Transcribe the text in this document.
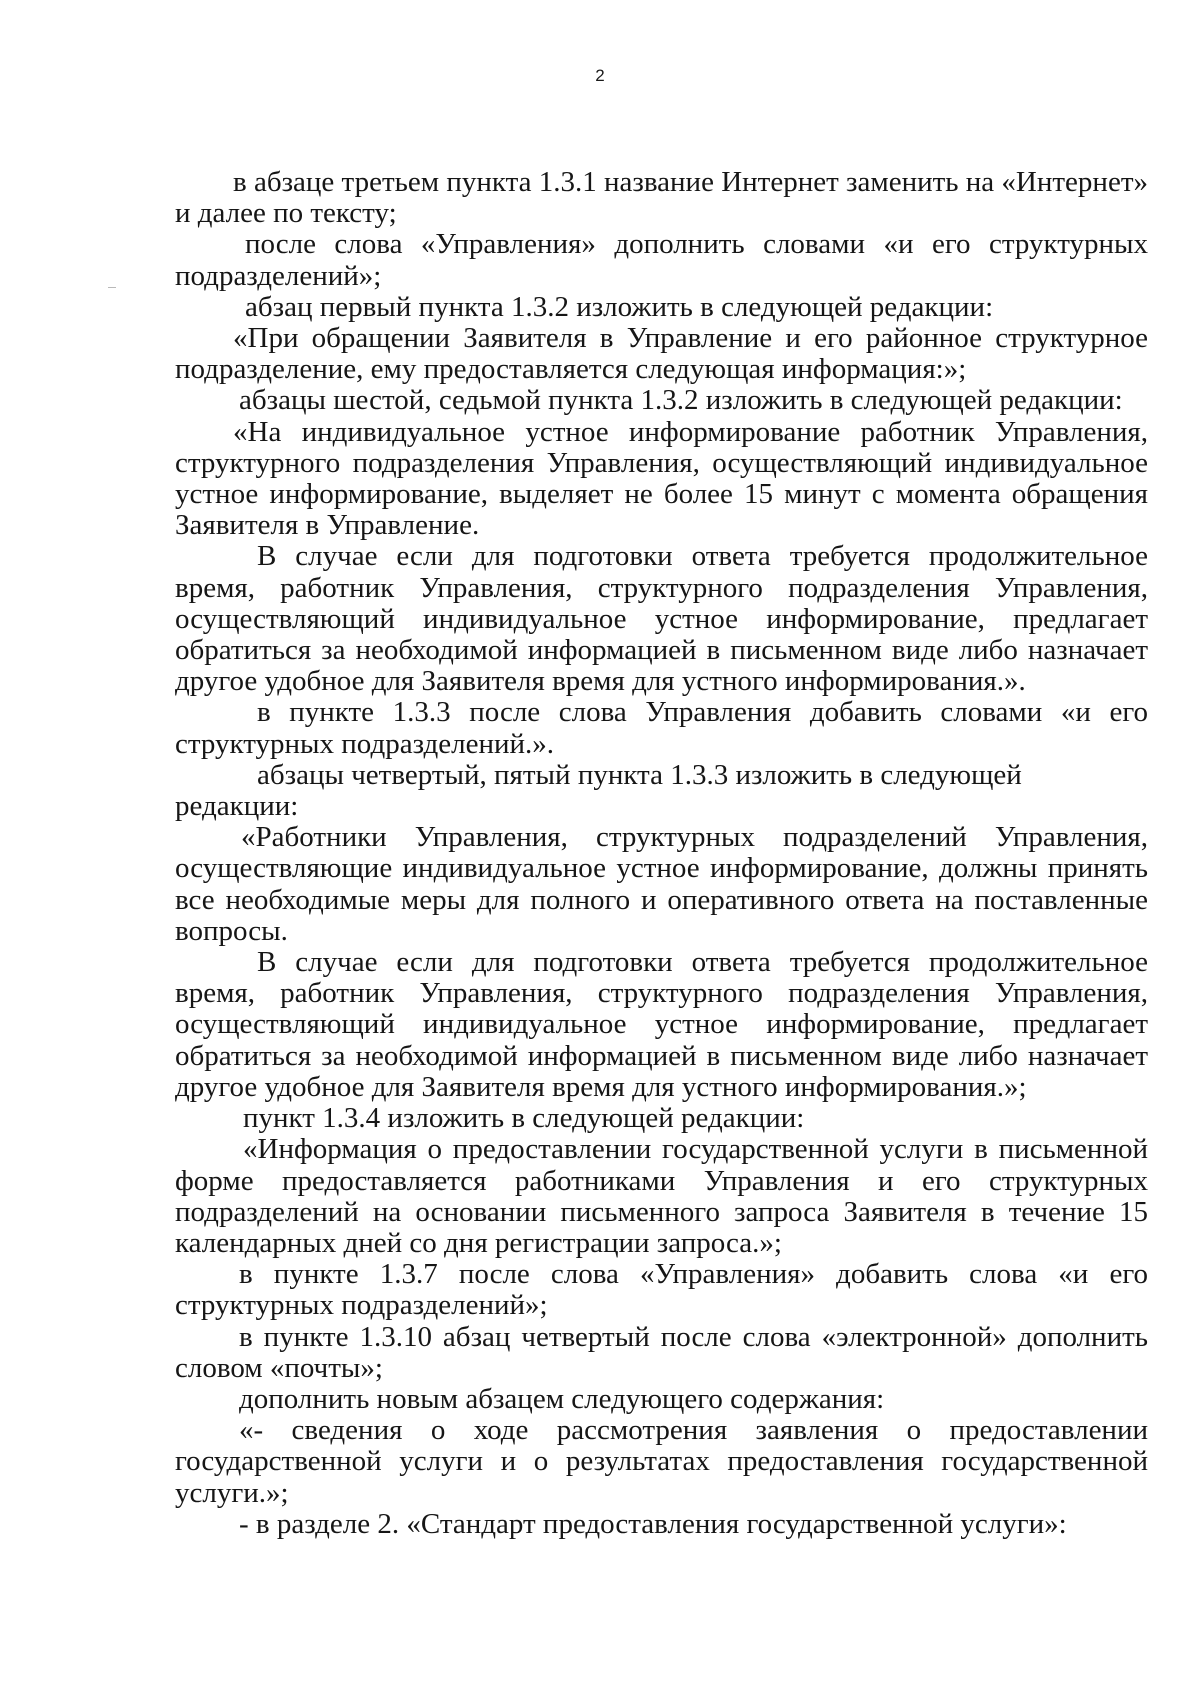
2

в абзаце третьем пункта 1.3.1 название Интернет заменить на «Интернет» и далее по тексту;

после слова «Управления» дополнить словами «и его структурных подразделений»;

абзац первый пункта 1.3.2 изложить в следующей редакции:

«При обращении Заявителя в Управление и его районное структурное подразделение, ему предоставляется следующая информация:»;

абзацы шестой, седьмой пункта 1.3.2 изложить в следующей редакции:

«На индивидуальное устное информирование работник Управления, структурного подразделения Управления, осуществляющий индивидуальное устное информирование, выделяет не более 15 минут с момента обращения Заявителя в Управление.

В случае если для подготовки ответа требуется продолжительное время, работник Управления, структурного подразделения Управления, осуществляющий индивидуальное устное информирование, предлагает обратиться за необходимой информацией в письменном виде либо назначает другое удобное для Заявителя время для устного информирования.».

в пункте 1.3.3 после слова Управления добавить словами «и его структурных подразделений.».

абзацы четвертый, пятый пункта 1.3.3 изложить в следующей редакции:

«Работники Управления, структурных подразделений Управления, осуществляющие индивидуальное устное информирование, должны принять все необходимые меры для полного и оперативного ответа на поставленные вопросы.

В случае если для подготовки ответа требуется продолжительное время, работник Управления, структурного подразделения Управления, осуществляющий индивидуальное устное информирование, предлагает обратиться за необходимой информацией в письменном виде либо назначает другое удобное для Заявителя время для устного информирования.»;

пункт 1.3.4 изложить в следующей редакции:

«Информация о предоставлении государственной услуги в письменной форме предоставляется работниками Управления и его структурных подразделений на основании письменного запроса Заявителя в течение 15 календарных дней со дня регистрации запроса.»;

в пункте 1.3.7 после слова «Управления» добавить слова «и его структурных подразделений»;

в пункте 1.3.10 абзац четвертый после слова «электронной» дополнить словом «почты»;

дополнить новым абзацем следующего содержания:

«- сведения о ходе рассмотрения заявления о предоставлении государственной услуги и о результатах предоставления государственной услуги.»;

- в разделе 2. «Стандарт предоставления государственной услуги»:
